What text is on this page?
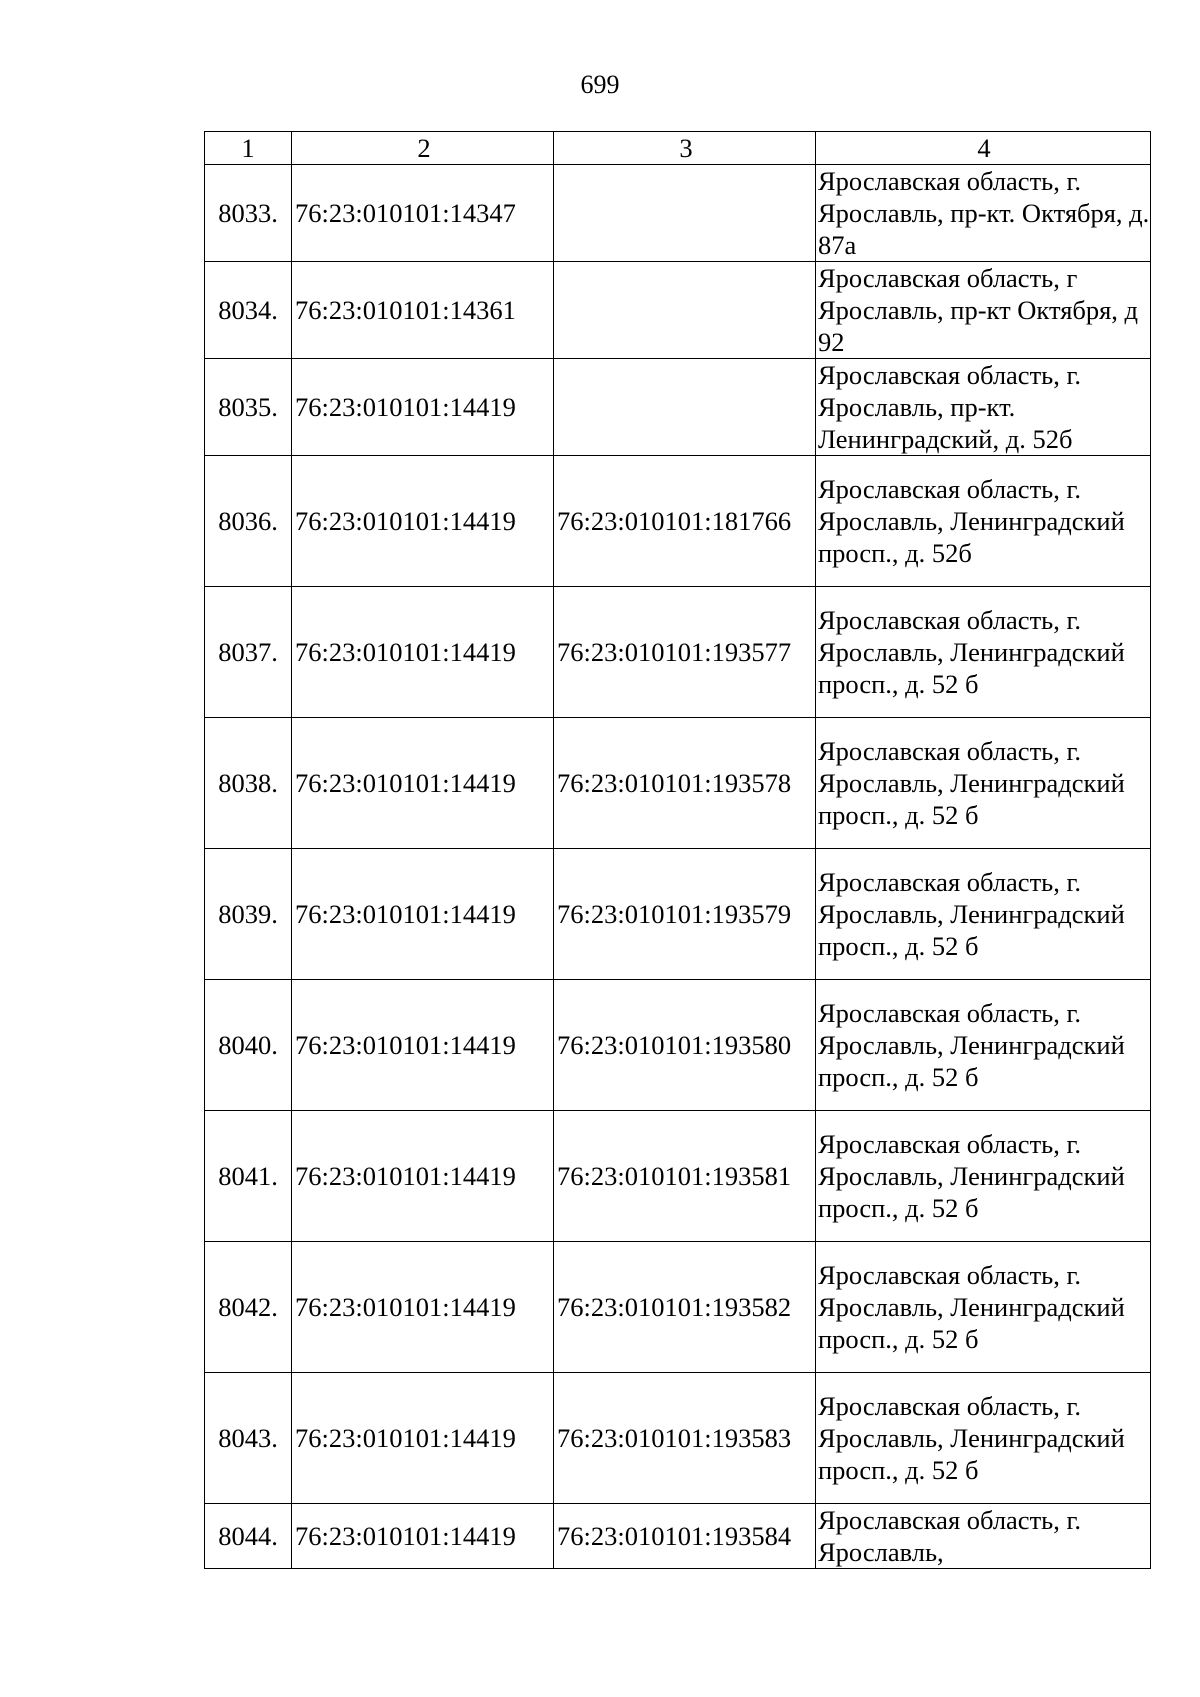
699
1	2	3	4
8033.	76:23:010101:14347		Ярославская область, г. Ярославль, пр-кт. Октября, д. 87а
8034.	76:23:010101:14361		Ярославская область, г Ярославль, пр-кт Октября, д 92
8035.	76:23:010101:14419		Ярославская область, г. Ярославль, пр-кт. Ленинградский, д. 52б
8036.	76:23:010101:14419	76:23:010101:181766	Ярославская область, г. Ярославль, Ленинградский просп., д. 52б
8037.	76:23:010101:14419	76:23:010101:193577	Ярославская область, г. Ярославль, Ленинградский просп., д. 52 б
8038.	76:23:010101:14419	76:23:010101:193578	Ярославская область, г. Ярославль, Ленинградский просп., д. 52 б
8039.	76:23:010101:14419	76:23:010101:193579	Ярославская область, г. Ярославль, Ленинградский просп., д. 52 б
8040.	76:23:010101:14419	76:23:010101:193580	Ярославская область, г. Ярославль, Ленинградский просп., д. 52 б
8041.	76:23:010101:14419	76:23:010101:193581	Ярославская область, г. Ярославль, Ленинградский просп., д. 52 б
8042.	76:23:010101:14419	76:23:010101:193582	Ярославская область, г. Ярославль, Ленинградский просп., д. 52 б
8043.	76:23:010101:14419	76:23:010101:193583	Ярославская область, г. Ярославль, Ленинградский просп., д. 52 б
8044.	76:23:010101:14419	76:23:010101:193584	Ярославская область, г. Ярославль,
